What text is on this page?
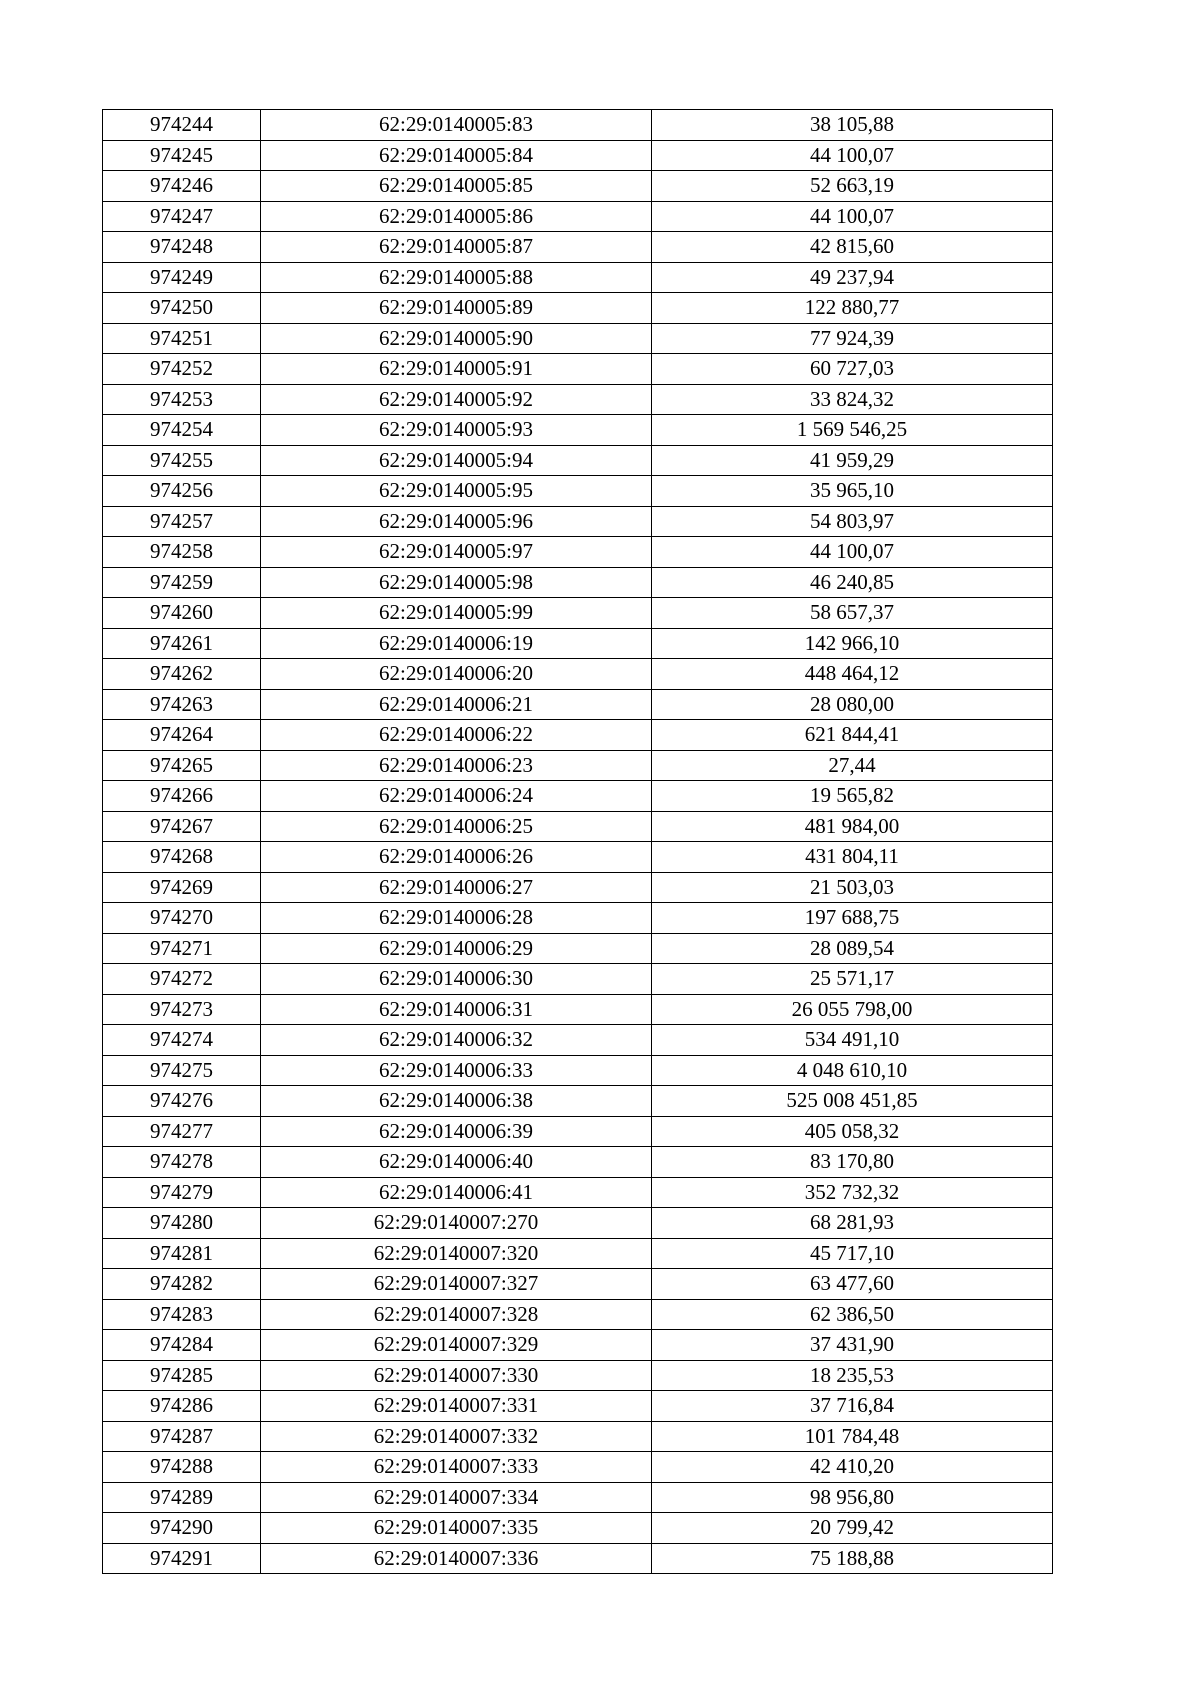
974244	62:29:0140005:83	38 105,88
974245	62:29:0140005:84	44 100,07
974246	62:29:0140005:85	52 663,19
974247	62:29:0140005:86	44 100,07
974248	62:29:0140005:87	42 815,60
974249	62:29:0140005:88	49 237,94
974250	62:29:0140005:89	122 880,77
974251	62:29:0140005:90	77 924,39
974252	62:29:0140005:91	60 727,03
974253	62:29:0140005:92	33 824,32
974254	62:29:0140005:93	1 569 546,25
974255	62:29:0140005:94	41 959,29
974256	62:29:0140005:95	35 965,10
974257	62:29:0140005:96	54 803,97
974258	62:29:0140005:97	44 100,07
974259	62:29:0140005:98	46 240,85
974260	62:29:0140005:99	58 657,37
974261	62:29:0140006:19	142 966,10
974262	62:29:0140006:20	448 464,12
974263	62:29:0140006:21	28 080,00
974264	62:29:0140006:22	621 844,41
974265	62:29:0140006:23	27,44
974266	62:29:0140006:24	19 565,82
974267	62:29:0140006:25	481 984,00
974268	62:29:0140006:26	431 804,11
974269	62:29:0140006:27	21 503,03
974270	62:29:0140006:28	197 688,75
974271	62:29:0140006:29	28 089,54
974272	62:29:0140006:30	25 571,17
974273	62:29:0140006:31	26 055 798,00
974274	62:29:0140006:32	534 491,10
974275	62:29:0140006:33	4 048 610,10
974276	62:29:0140006:38	525 008 451,85
974277	62:29:0140006:39	405 058,32
974278	62:29:0140006:40	83 170,80
974279	62:29:0140006:41	352 732,32
974280	62:29:0140007:270	68 281,93
974281	62:29:0140007:320	45 717,10
974282	62:29:0140007:327	63 477,60
974283	62:29:0140007:328	62 386,50
974284	62:29:0140007:329	37 431,90
974285	62:29:0140007:330	18 235,53
974286	62:29:0140007:331	37 716,84
974287	62:29:0140007:332	101 784,48
974288	62:29:0140007:333	42 410,20
974289	62:29:0140007:334	98 956,80
974290	62:29:0140007:335	20 799,42
974291	62:29:0140007:336	75 188,88
